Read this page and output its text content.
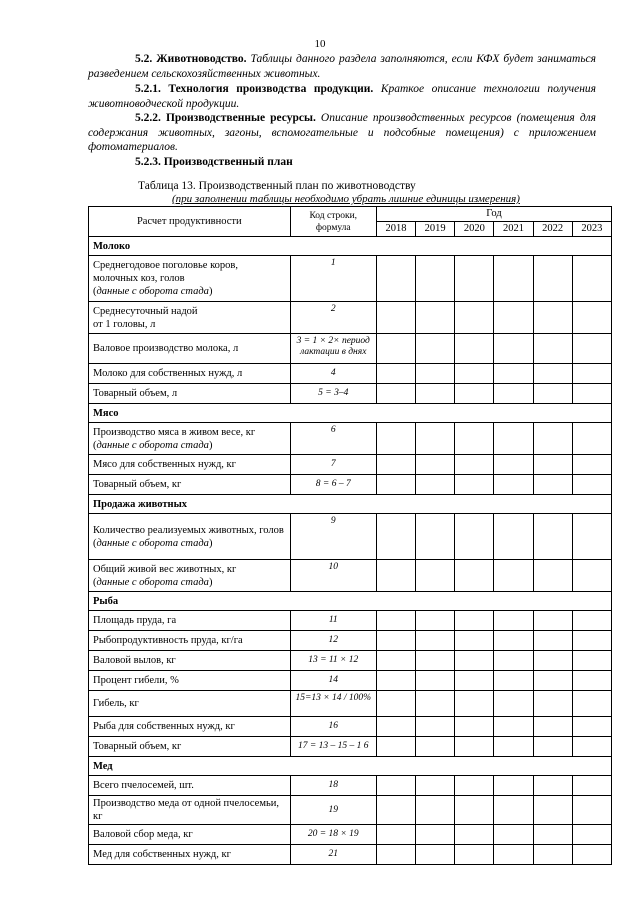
10
5.2. Животноводство. Таблицы данного раздела заполняются, если КФХ будет заниматься разведением сельскохозяйственных животных.
5.2.1. Технология производства продукции. Краткое описание технологии получения животноводческой продукции.
5.2.2. Производственные ресурсы. Описание производственных ресурсов (помещения для содержания животных, загоны, вспомогательные и подсобные помещения) с приложением фотоматериалов.
5.2.3. Производственный план
Таблица 13. Производственный план по животноводству
(при заполнении таблицы необходимо убрать лишние единицы измерения)
Расчет продуктивности	Код строки, формула	Год					
		2018	2019	2020	2021	2022	2023
Молоко							
Среднегодовое поголовье коров, молочных коз, голов
(данные с оборота стада)	1						
Среднесуточный надой
от 1 головы, л	2						
Валовое производство молока, л	3 = 1 × 2× период лактации в днях						
Молоко для собственных нужд, л	4						
Товарный объем, л	5 = 3–4						
Мясо							
Производство мяса в живом весе, кг
(данные с оборота стада)	6						
Мясо для собственных нужд, кг	7						
Товарный объем, кг	8 = 6 – 7						
Продажа животных							
Количество реализуемых животных, голов
(данные с оборота стада)	9						
Общий живой вес животных, кг
(данные с оборота стада)	10						
Рыба							
Площадь пруда, га	11						
Рыбопродуктивность пруда, кг/га	12						
Валовой вылов, кг	13 = 11 × 12						
Процент гибели, %	14						
Гибель, кг	15=13 × 14 / 100%						
Рыба для собственных нужд, кг	16						
Товарный объем, кг	17 = 13 – 15 – 1 6						
Мед							
Всего пчелосемей, шт.	18						
Производство меда от одной пчелосемьи, кг	19						
Валовой сбор меда, кг	20 = 18 × 19						
Мед для собственных нужд, кг	21						
